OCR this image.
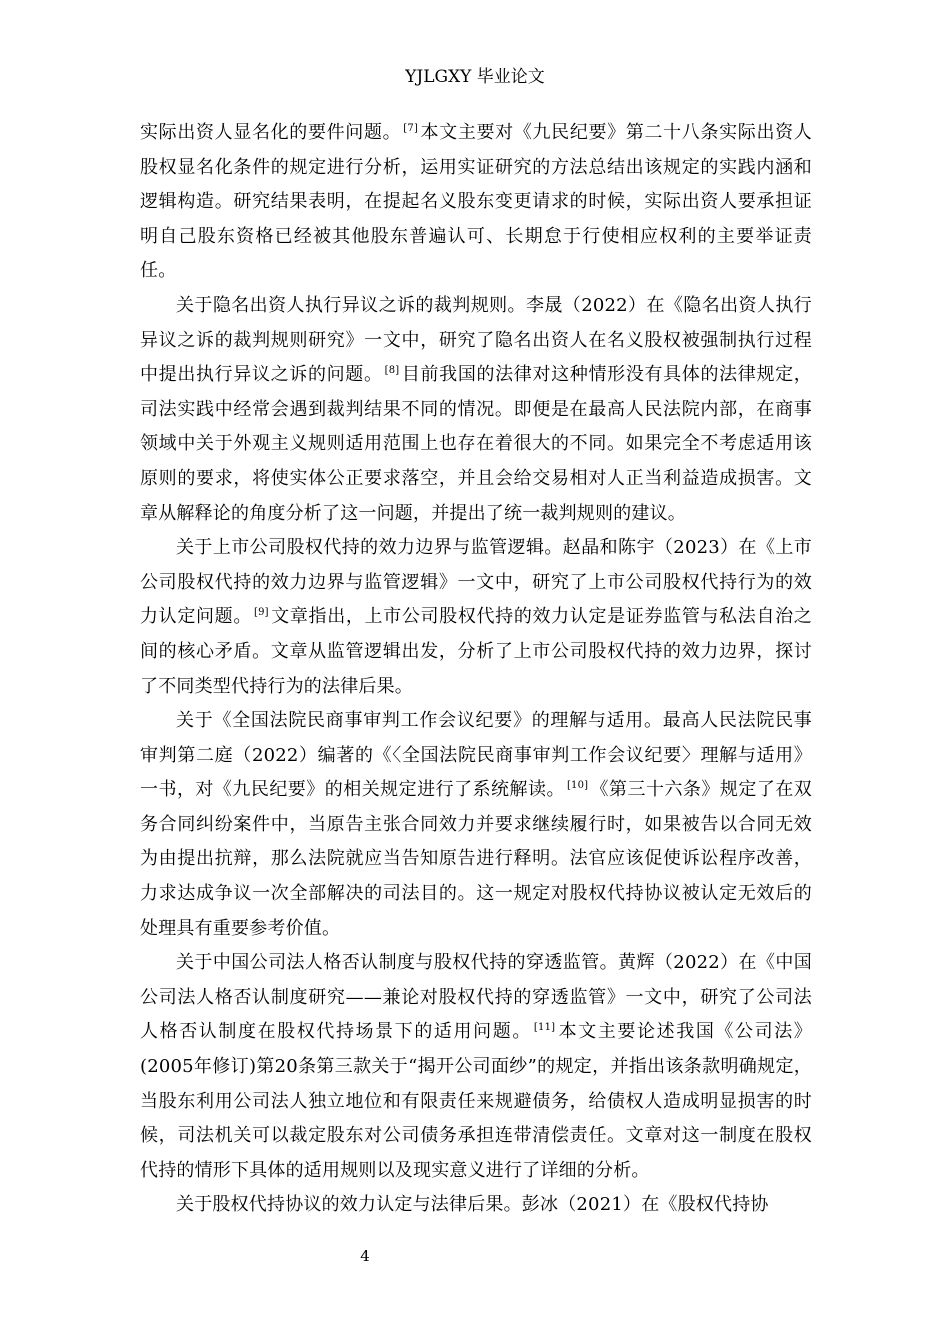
YJLGXY 毕业论文

实际出资人显名化的要件问题。 [7] 本文主要对《九民纪要》第二十八条实际出资人股权显名化条件的规定进行分析，运用实证研究的方法总结出该规定的实践内涵和逻辑构造。研究结果表明，在提起名义股东变更请求的时候，实际出资人要承担证明自己股东资格已经被其他股东普遍认可、长期怠于行使相应权利的主要举证责任。

关于隐名出资人执行异议之诉的裁判规则。李晟（2022）在《隐名出资人执行异议之诉的裁判规则研究》一文中，研究了隐名出资人在名义股权被强制执行过程中提出执行异议之诉的问题。 [8] 目前我国的法律对这种情形没有具体的法律规定，司法实践中经常会遇到裁判结果不同的情况。即便是在最高人民法院内部，在商事领域中关于外观主义规则适用范围上也存在着很大的不同。如果完全不考虑适用该原则的要求，将使实体公正要求落空，并且会给交易相对人正当利益造成损害。文章从解释论的角度分析了这一问题，并提出了统一裁判规则的建议。

关于上市公司股权代持的效力边界与监管逻辑。赵晶和陈宇（2023）在《上市公司股权代持的效力边界与监管逻辑》一文中，研究了上市公司股权代持行为的效力认定问题。 [9] 文章指出，上市公司股权代持的效力认定是证券监管与私法自治之间的核心矛盾。文章从监管逻辑出发，分析了上市公司股权代持的效力边界，探讨了不同类型代持行为的法律后果。

关于《全国法院民商事审判工作会议纪要》的理解与适用。最高人民法院民事审判第二庭（2022）编著的《〈全国法院民商事审判工作会议纪要〉理解与适用》一书，对《九民纪要》的相关规定进行了系统解读。 [10] 《第三十六条》规定了在双务合同纠纷案件中，当原告主张合同效力并要求继续履行时，如果被告以合同无效为由提出抗辩，那么法院就应当告知原告进行释明。法官应该促使诉讼程序改善，力求达成争议一次全部解决的司法目的。这一规定对股权代持协议被认定无效后的处理具有重要参考价值。

关于中国公司法人格否认制度与股权代持的穿透监管。黄辉（2022）在《中国公司法人格否认制度研究——兼论对股权代持的穿透监管》一文中，研究了公司法人格否认制度在股权代持场景下的适用问题。 [11] 本文主要论述我国《公司法》(2005年修订)第20条第三款关于“揭开公司面纱”的规定，并指出该条款明确规定，当股东利用公司法人独立地位和有限责任来规避债务，给债权人造成明显损害的时候，司法机关可以裁定股东对公司债务承担连带清偿责任。文章对这一制度在股权代持的情形下具体的适用规则以及现实意义进行了详细的分析。

关于股权代持协议的效力认定与法律后果。彭冰（2021）在《股权代持协

4
